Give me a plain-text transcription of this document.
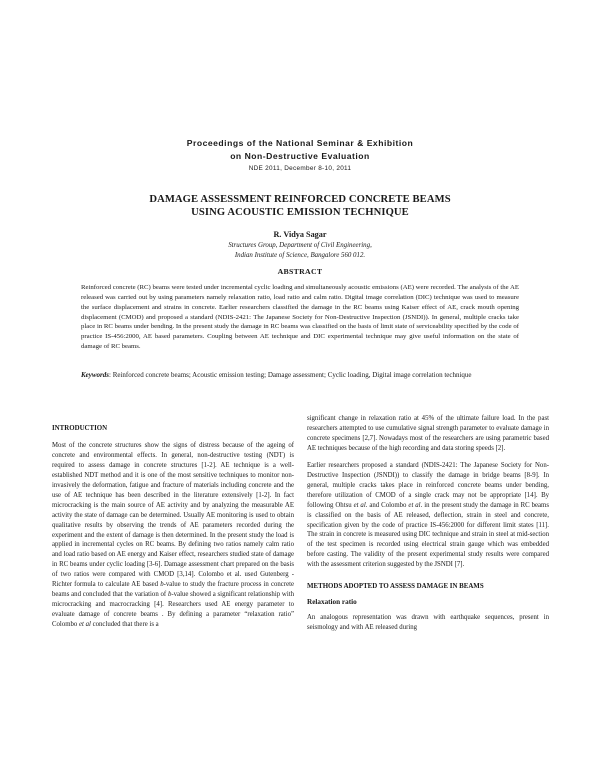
Proceedings of the National Seminar & Exhibition
on Non-Destructive Evaluation
NDE 2011, December 8-10, 2011
DAMAGE ASSESSMENT REINFORCED CONCRETE BEAMS
USING ACOUSTIC EMISSION TECHNIQUE
R. Vidya Sagar
Structures Group, Department of Civil Engineering,
Indian Institute of Science, Bangalore 560 012.
ABSTRACT
Reinforced concrete (RC) beams were tested under incremental cyclic loading and simultaneously acoustic emissions (AE) were recorded. The analysis of the AE released was carried out by using parameters namely relaxation ratio, load ratio and calm ratio. Digital image correlation (DIC) technique was used to measure the surface displacement and strains in concrete. Earlier researchers classified the damage in the RC beams using Kaiser effect of AE, crack mouth opening displacement (CMOD) and proposed a standard (NDIS-2421: The Japanese Society for Non-Destructive Inspection (JSNDI)). In general, multiple cracks take place in RC beams under bending. In the present study the damage in RC beams was classified on the basis of limit state of serviceability specified by the code of practice IS-456:2000, AE based parameters. Coupling between AE technique and DIC experimental technique may give useful information on the state of damage of RC beams.
Keywords: Reinforced concrete beams; Acoustic emission testing; Damage assessment; Cyclic loading, Digital image correlation technique
INTRODUCTION

Most of the concrete structures show the signs of distress because of the ageing of concrete and environmental effects. In general, non-destructive testing (NDT) is required to assess damage in concrete structures [1-2]. AE technique is a well-established NDT method and it is one of the most sensitive techniques to monitor non-invasively the deformation, fatigue and fracture of materials including concrete and the use of AE technique has been described in the literature extensively [1-2]. In fact microcracking is the main source of AE activity and by analyzing the measurable AE activity the state of damage can be determined. Usually AE monitoring is used to obtain qualitative results by observing the trends of AE parameters recorded during the experiment and the extent of damage is then determined. In the present study the load is applied in incremental cycles on RC beams. By defining two ratios namely calm ratio and load ratio based on AE energy and Kaiser effect, researchers studied state of damage in RC beams under cyclic loading [3-6]. Damage assessment chart prepared on the basis of two ratios were compared with CMOD [3,14]. Colombo et al. used Gutenberg -Richter formula to calculate AE based b-value to study the fracture process in concrete beams and concluded that the variation of b-value showed a significant relationship with microcracking and macrocracking [4]. Researchers used AE energy parameter to evaluate damage of concrete beams . By defining a parameter “relaxation ratio” Colombo et al concluded that there is a

significant change in relaxation ratio at 45% of the ultimate failure load. In the past researchers attempted to use cumulative signal strength parameter to evaluate damage in concrete specimens [2,7]. Nowadays most of the researchers are using parametric based AE techniques because of the high recording and data storing speeds [2].

Earlier researchers proposed a standard (NDIS-2421: The Japanese Society for Non-Destructive Inspection (JSNDI)) to classify the damage in bridge beams [8-9]. In general, multiple cracks takes place in reinforced concrete beams under bending, therefore utilization of CMOD of a single crack may not be appropriate [14]. By following Ohtsu et al. and Colombo et al. in the present study the damage in RC beams is classified on the basis of AE released, deflection, strain in steel and concrete, specification given by the code of practice IS-456:2000 for different limit states [11]. The strain in concrete is measured using DIC technique and strain in steel at mid-section of the test specimen is recorded using electrical strain gauge which was embedded before casting. The validity of the present experimental study results were compared with the assessment criterion suggested by the JSNDI [7].

METHODS ADOPTED TO ASSESS DAMAGE IN BEAMS
Relaxation ratio

An analogous representation was drawn with earthquake sequences, present in seismology and with AE released during
